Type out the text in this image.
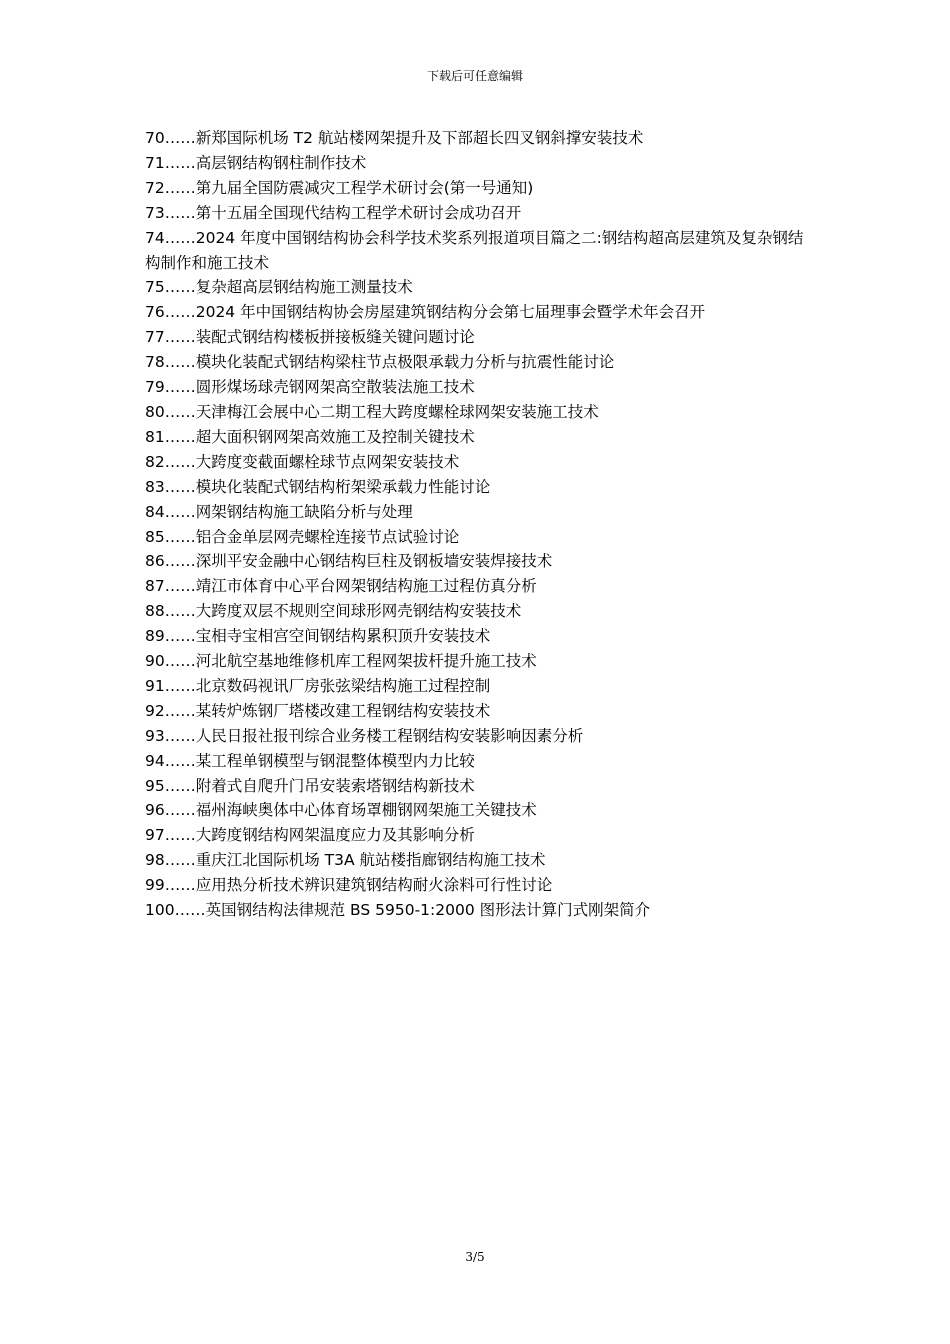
下载后可任意编辑
70……新郑国际机场 T2 航站楼网架提升及下部超长四叉钢斜撑安装技术
71……高层钢结构钢柱制作技术
72……第九届全国防震减灾工程学术研讨会(第一号通知)
73……第十五届全国现代结构工程学术研讨会成功召开
74……2024 年度中国钢结构协会科学技术奖系列报道项目篇之二:钢结构超高层建筑及复杂钢结构制作和施工技术
75……复杂超高层钢结构施工测量技术
76……2024 年中国钢结构协会房屋建筑钢结构分会第七届理事会暨学术年会召开
77……装配式钢结构楼板拼接板缝关键问题讨论
78……模块化装配式钢结构梁柱节点极限承载力分析与抗震性能讨论
79……圆形煤场球壳钢网架高空散装法施工技术
80……天津梅江会展中心二期工程大跨度螺栓球网架安装施工技术
81……超大面积钢网架高效施工及控制关键技术
82……大跨度变截面螺栓球节点网架安装技术
83……模块化装配式钢结构桁架梁承载力性能讨论
84……网架钢结构施工缺陷分析与处理
85……铝合金单层网壳螺栓连接节点试验讨论
86……深圳平安金融中心钢结构巨柱及钢板墙安装焊接技术
87……靖江市体育中心平台网架钢结构施工过程仿真分析
88……大跨度双层不规则空间球形网壳钢结构安装技术
89……宝相寺宝相宫空间钢结构累积顶升安装技术
90……河北航空基地维修机库工程网架拔杆提升施工技术
91……北京数码视讯厂房张弦梁结构施工过程控制
92……某转炉炼钢厂塔楼改建工程钢结构安装技术
93……人民日报社报刊综合业务楼工程钢结构安装影响因素分析
94……某工程单钢模型与钢混整体模型内力比较
95……附着式自爬升门吊安装索塔钢结构新技术
96……福州海峡奥体中心体育场罩棚钢网架施工关键技术
97……大跨度钢结构网架温度应力及其影响分析
98……重庆江北国际机场 T3A 航站楼指廊钢结构施工技术
99……应用热分析技术辨识建筑钢结构耐火涂料可行性讨论
100……英国钢结构法律规范 BS 5950-1:2000 图形法计算门式刚架简介
3/5
